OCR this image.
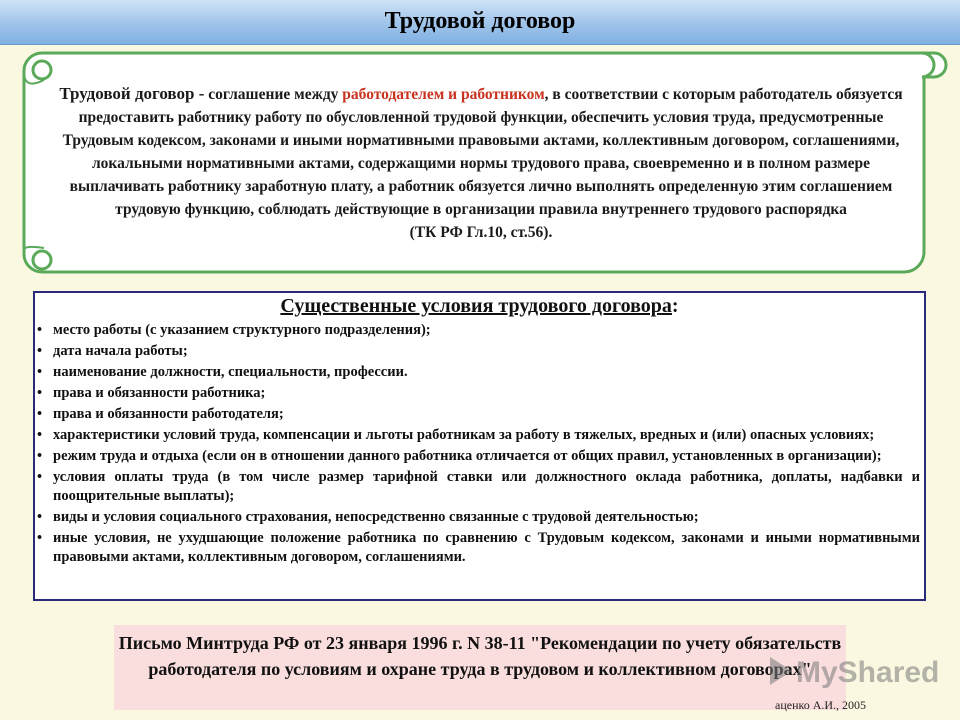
Трудовой договор
Трудовой договор - соглашение между работодателем и работником, в соответствии с которым работодатель обязуется предоставить работнику работу по обусловленной трудовой функции, обеспечить условия труда, предусмотренные Трудовым кодексом, законами и иными нормативными правовыми актами, коллективным договором, соглашениями, локальными нормативными актами, содержащими нормы трудового права, своевременно и в полном размере выплачивать работнику заработную плату, а работник обязуется лично выполнять определенную этим соглашением трудовую функцию, соблюдать действующие в организации правила внутреннего трудового распорядка
(ТК РФ Гл.10, ст.56).
Существенные условия трудового договора:
• место работы (с указанием структурного подразделения);
• дата начала работы;
• наименование должности, специальности, профессии.
• права и обязанности работника;
• права и обязанности работодателя;
• характеристики условий труда, компенсации и льготы работникам за работу в тяжелых, вредных и (или) опасных условиях;
• режим труда и отдыха (если он в отношении данного работника отличается от общих правил, установленных в организации);
• условия оплаты труда (в том числе размер тарифной ставки или должностного оклада работника, доплаты, надбавки и поощрительные выплаты);
• виды и условия социального страхования, непосредственно связанные с трудовой деятельностью;
• иные условия, не ухудшающие положение работника по сравнению с Трудовым кодексом, законами и иными нормативными правовыми актами, коллективным договором, соглашениями.
Письмо Минтруда РФ от 23 января 1996 г. N 38-11 "Рекомендации по учету обязательств работодателя по условиям и охране труда в трудовом и коллективном договорах"
MyShared
аценко А.И., 2005
